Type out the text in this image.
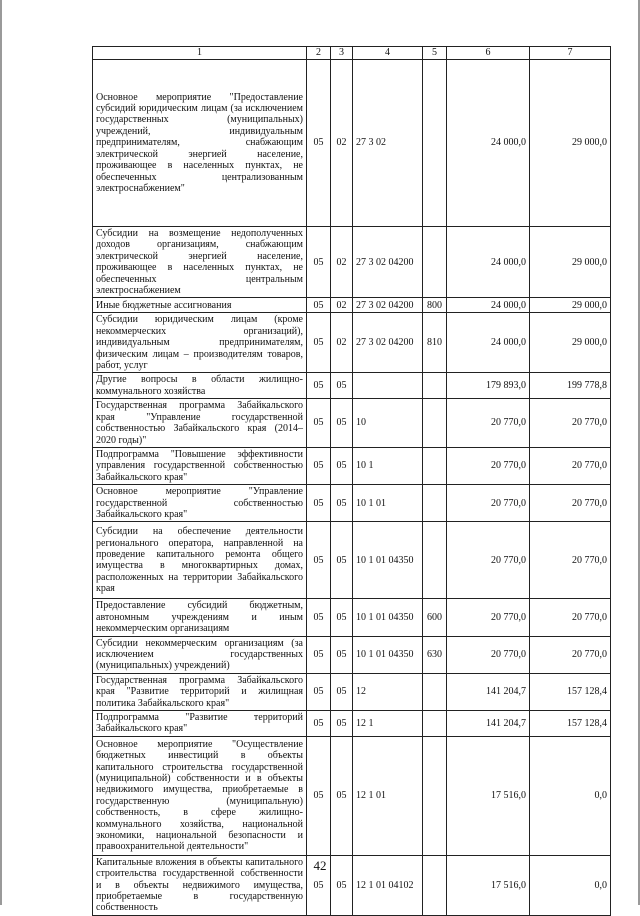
1	2	3	4	5	6	7
Основное мероприятие "Предоставление субсидий юридическим лицам (за исключением государственных (муниципальных) учреждений, индивидуальным предпринимателям, снабжающим электрической энергией население, проживающее в населенных пунктах, не обеспеченных централизованным электроснабжением"	05	02	27 3 02		24 000,0	29 000,0
Субсидии на возмещение недополученных доходов организациям, снабжающим электрической энергией население, проживающее в населенных пунктах, не обеспеченных центральным электроснабжением	05	02	27 3 02 04200		24 000,0	29 000,0
Иные бюджетные ассигнования	05	02	27 3 02 04200	800	24 000,0	29 000,0
Субсидии юридическим лицам (кроме некоммерческих организаций), индивидуальным предпринимателям, физическим лицам – производителям товаров, работ, услуг	05	02	27 3 02 04200	810	24 000,0	29 000,0
Другие вопросы в области жилищно-коммунального хозяйства	05	05			179 893,0	199 778,8
Государственная программа Забайкальского края "Управление государственной собственностью Забайкальского края (2014–2020 годы)"	05	05	10		20 770,0	20 770,0
Подпрограмма "Повышение эффективности управления государственной собственностью Забайкальского края"	05	05	10 1		20 770,0	20 770,0
Основное мероприятие "Управление государственной собственностью Забайкальского края"	05	05	10 1 01		20 770,0	20 770,0
Субсидии на обеспечение деятельности регионального оператора, направленной на проведение капитального ремонта общего имущества в многоквартирных домах, расположенных на территории Забайкальского края	05	05	10 1 01 04350		20 770,0	20 770,0
Предоставление субсидий бюджетным, автономным учреждениям и иным некоммерческим организациям	05	05	10 1 01 04350	600	20 770,0	20 770,0
Субсидии некоммерческим организациям (за исключением государственных (муниципальных) учреждений)	05	05	10 1 01 04350	630	20 770,0	20 770,0
Государственная программа Забайкальского края "Развитие территорий и жилищная политика Забайкальского края"	05	05	12		141 204,7	157 128,4
Подпрограмма "Развитие территорий Забайкальского края"	05	05	12 1		141 204,7	157 128,4
Основное мероприятие "Осуществление бюджетных инвестиций в объекты капитального строительства государственной (муниципальной) собственности и в объекты недвижимого имущества, приобретаемые в государственную (муниципальную) собственность, в сфере жилищно-коммунального хозяйства, национальной экономики, национальной безопасности и правоохранительной деятельности"	05	05	12 1 01		17 516,0	0,0
Капитальные вложения в объекты капитального строительства государственной собственности и в объекты недвижимого имущества, приобретаемые в государственную собственность	05	05	12 1 01 04102		17 516,0	0,0
42
